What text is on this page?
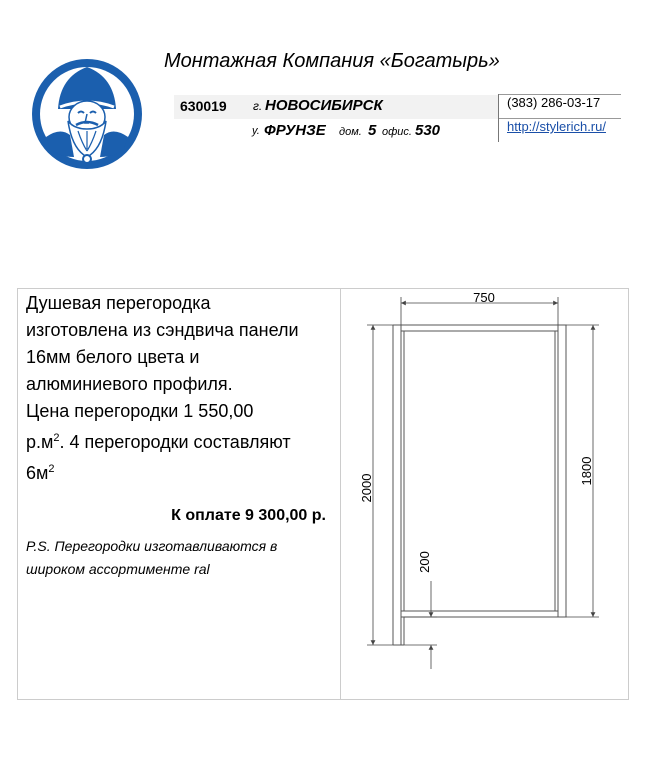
Монтажная Компания «Богатырь»
630019 г. НОВОСИБИРСК
у. ФРУНЗЕ дом. 5 офис. 530
(383) 286-03-17
http://stylerich.ru/
Душевая перегородка
изготовлена из сэндвича панели
16мм белого цвета и
алюминиевого профиля.
Цена перегородки 1 550,00
$р.м^2$. 4 перегородки составляют
$6м^2$
К оплате 9 300,00 р.
P.S. Перегородки изготавливаются в
широком ассортименте ral
750
2000
1800
200
